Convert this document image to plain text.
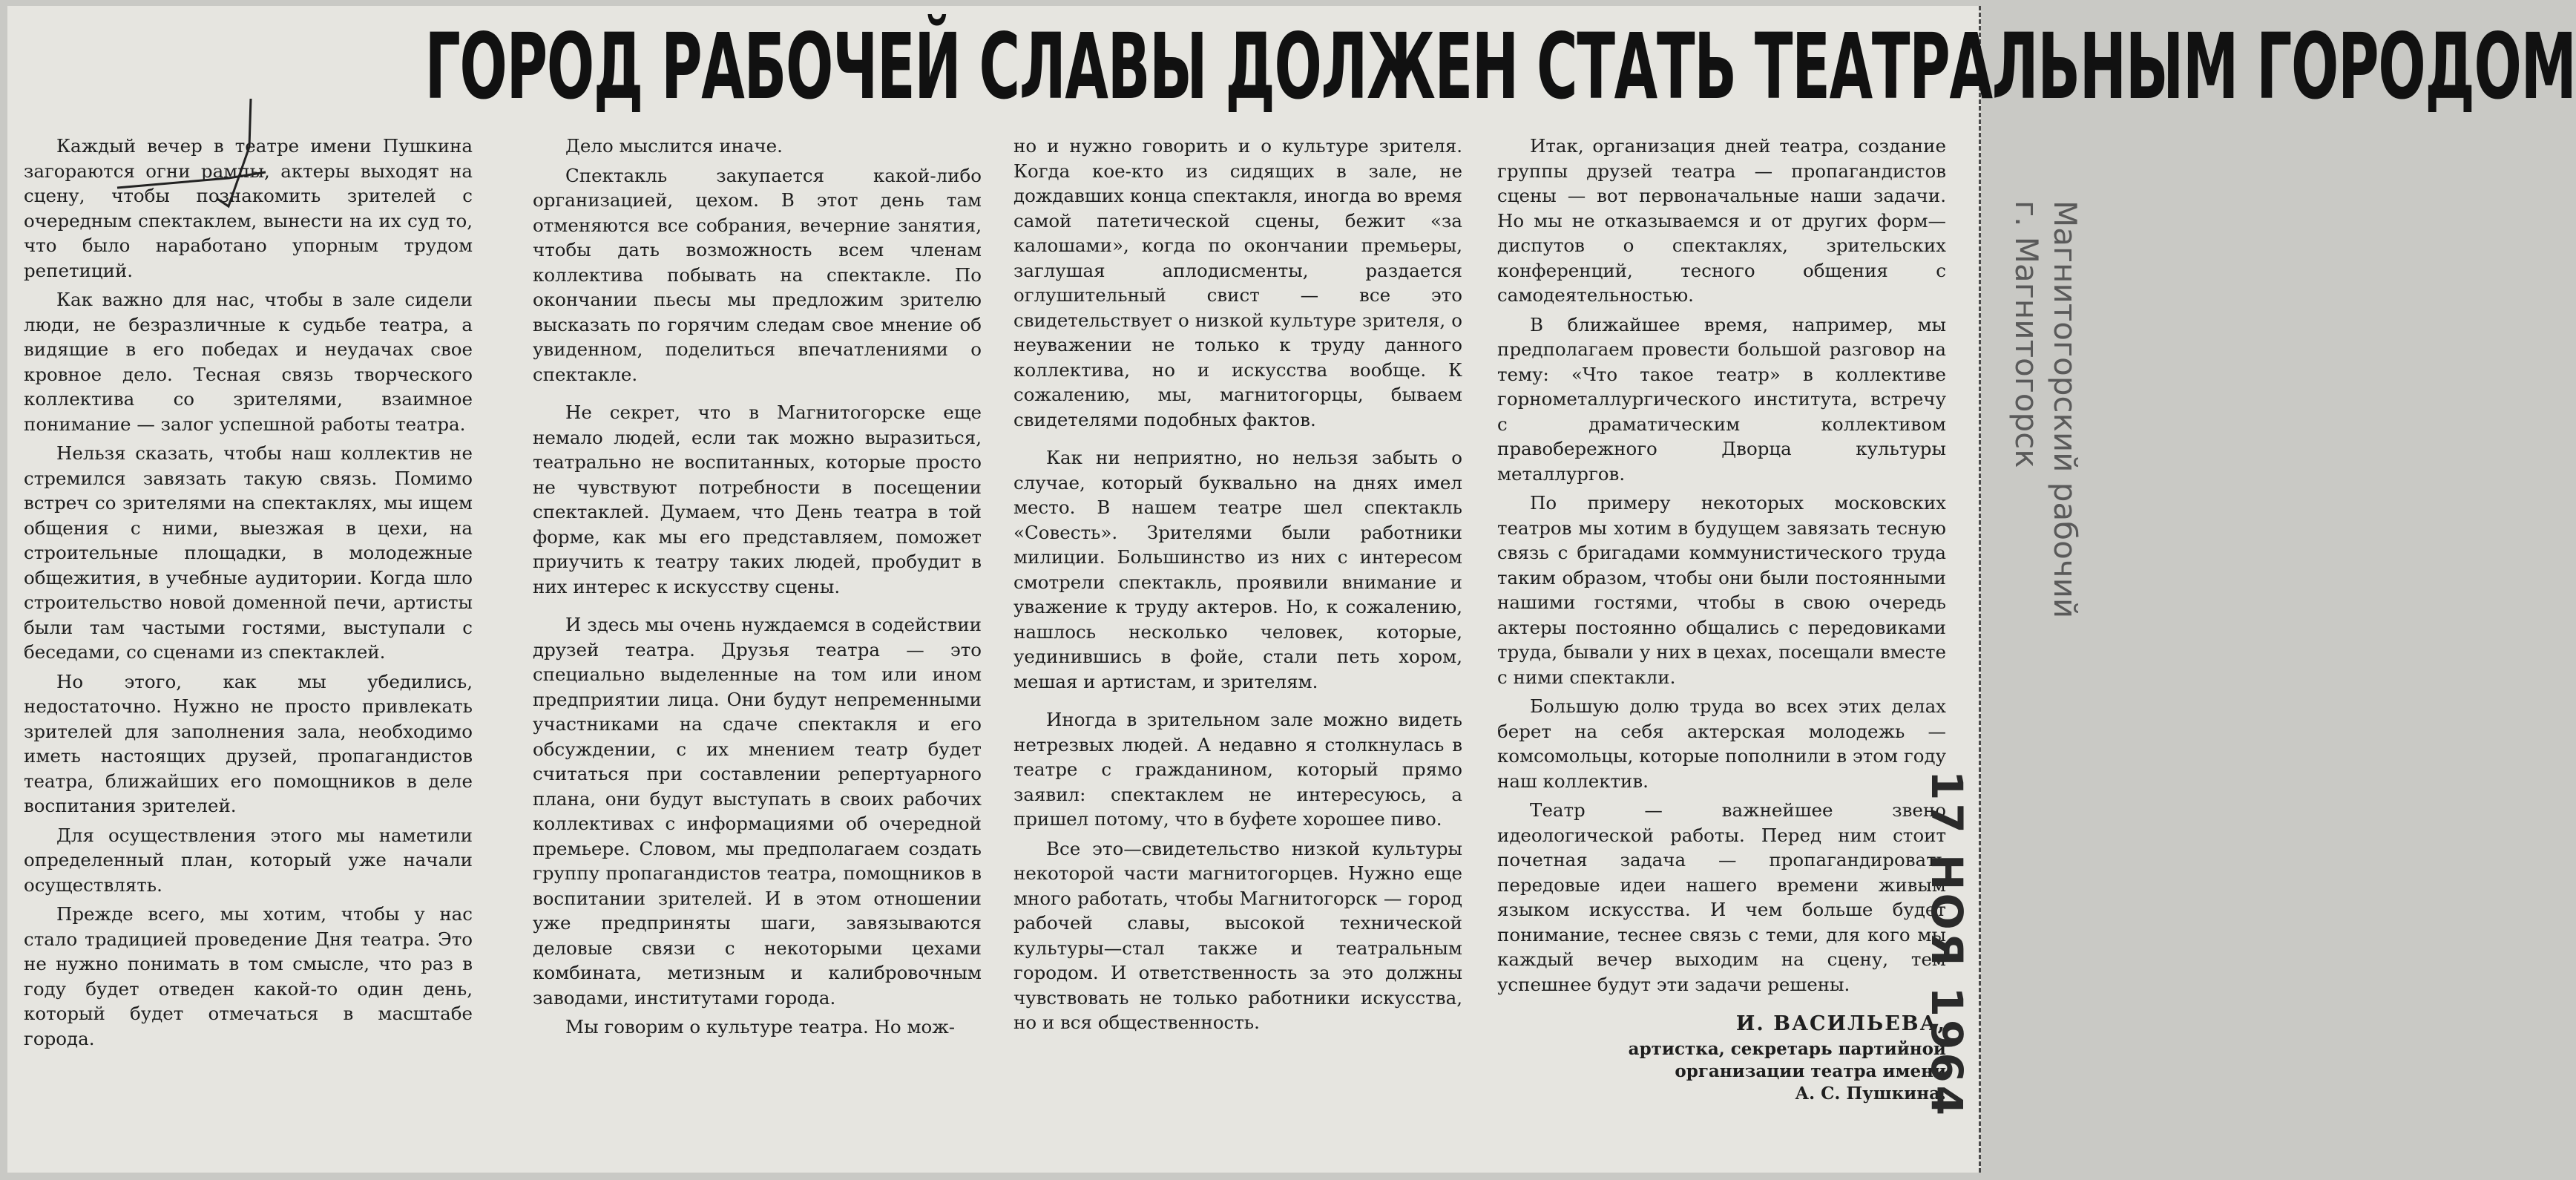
ГОРОД РАБОЧЕЙ СЛАВЫ ДОЛЖЕН СТАТЬ ТЕАТРАЛЬНЫМ ГОРОДОМ

Каждый вечер в театре имени Пушкина загораются огни рампы, актеры выходят на сцену, чтобы познакомить зрителей с очередным спектаклем, вынести на их суд то, что было наработано упорным трудом репетиций.

Как важно для нас, чтобы в зале сидели люди, не безразличные к судьбе театра, а видящие в его победах и неудачах свое кровное дело. Тесная связь творческого коллектива со зрителями, взаимное понимание — залог успешной работы театра.

Нельзя сказать, чтобы наш коллектив не стремился завязать такую связь. Помимо встреч со зрителями на спектаклях, мы ищем общения с ними, выезжая в цехи, на строительные площадки, в молодежные общежития, в учебные аудитории. Когда шло строительство новой доменной печи, артисты были там частыми гостями, выступали с беседами, со сценами из спектаклей.

Но этого, как мы убедились, недостаточно. Нужно не просто привлекать зрителей для заполнения зала, необходимо иметь настоящих друзей, пропагандистов театра, ближайших его помощников в деле воспитания зрителей.

Для осуществления этого мы наметили определенный план, который уже начали осуществлять.

Прежде всего, мы хотим, чтобы у нас стало традицией проведение Дня театра. Это не нужно понимать в том смысле, что раз в году будет отведен какой-то один день, который будет отмечаться в масштабе города.

Дело мыслится иначе.

Спектакль закупается какой-либо организацией, цехом. В этот день там отменяются все собрания, вечерние занятия, чтобы дать возможность всем членам коллектива побывать на спектакле. По окончании пьесы мы предложим зрителю высказать по горячим следам свое мнение об увиденном, поделиться впечатлениями о спектакле.

Не секрет, что в Магнитогорске еще немало людей, если так можно выразиться, театрально не воспитанных, которые просто не чувствуют потребности в посещении спектаклей. Думаем, что День театра в той форме, как мы его представляем, поможет приучить к театру таких людей, пробудит в них интерес к искусству сцены.

И здесь мы очень нуждаемся в содействии друзей театра. Друзья театра — это специально выделенные на том или ином предприятии лица. Они будут непременными участниками на сдаче спектакля и его обсуждении, с их мнением театр будет считаться при составлении репертуарного плана, они будут выступать в своих рабочих коллективах с информациями об очередной премьере. Словом, мы предполагаем создать группу пропагандистов театра, помощников в воспитании зрителей. И в этом отношении уже предприняты шаги, завязываются деловые связи с некоторыми цехами комбината, метизным и калибровочным заводами, институтами города.

Мы говорим о культуре театра. Но мож-

но и нужно говорить и о культуре зрителя. Когда кое-кто из сидящих в зале, не дождавших конца спектакля, иногда во время самой патетической сцены, бежит «за калошами», когда по окончании премьеры, заглушая аплодисменты, раздается оглушительный свист — все это свидетельствует о низкой культуре зрителя, о неуважении не только к труду данного коллектива, но и искусства вообще. К сожалению, мы, магнитогорцы, бываем свидетелями подобных фактов.

Как ни неприятно, но нельзя забыть о случае, который буквально на днях имел место. В нашем театре шел спектакль «Совесть». Зрителями были работники милиции. Большинство из них с интересом смотрели спектакль, проявили внимание и уважение к труду актеров. Но, к сожалению, нашлось несколько человек, которые, уединившись в фойе, стали петь хором, мешая и артистам, и зрителям.

Иногда в зрительном зале можно видеть нетрезвых людей. А недавно я столкнулась в театре с гражданином, который прямо заявил: спектаклем не интересуюсь, а пришел потому, что в буфете хорошее пиво.

Все это—свидетельство низкой культуры некоторой части магнитогорцев. Нужно еще много работать, чтобы Магнитогорск — город рабочей славы, высокой технической культуры—стал также и театральным городом. И ответственность за это должны чувствовать не только работники искусства, но и вся общественность.

Итак, организация дней театра, создание группы друзей театра — пропагандистов сцены — вот первоначальные наши задачи. Но мы не отказываемся и от других форм—диспутов о спектаклях, зрительских конференций, тесного общения с самодеятельностью.

В ближайшее время, например, мы предполагаем провести большой разговор на тему: «Что такое театр» в коллективе горнометаллургического института, встречу с драматическим коллективом правобережного Дворца культуры металлургов.

По примеру некоторых московских театров мы хотим в будущем завязать тесную связь с бригадами коммунистического труда таким образом, чтобы они были постоянными нашими гостями, чтобы в свою очередь актеры постоянно общались с передовиками труда, бывали у них в цехах, посещали вместе с ними спектакли.

Большую долю труда во всех этих делах берет на себя актерская молодежь — комсомольцы, которые пополнили в этом году наш коллектив.

Театр — важнейшее звено идеологической работы. Перед ним стоит почетная задача — пропагандировать передовые идеи нашего времени живым языком искусства. И чем больше будет понимание, теснее связь с теми, для кого мы каждый вечер выходим на сцену, тем успешнее будут эти задачи решены.

И. ВАСИЛЬЕВА,
артистка, секретарь партийной
организации театра имени
А. С. Пушкина.
17 НОЯ 1964
Магнитогорский рабочий
г. Магнитогорск
